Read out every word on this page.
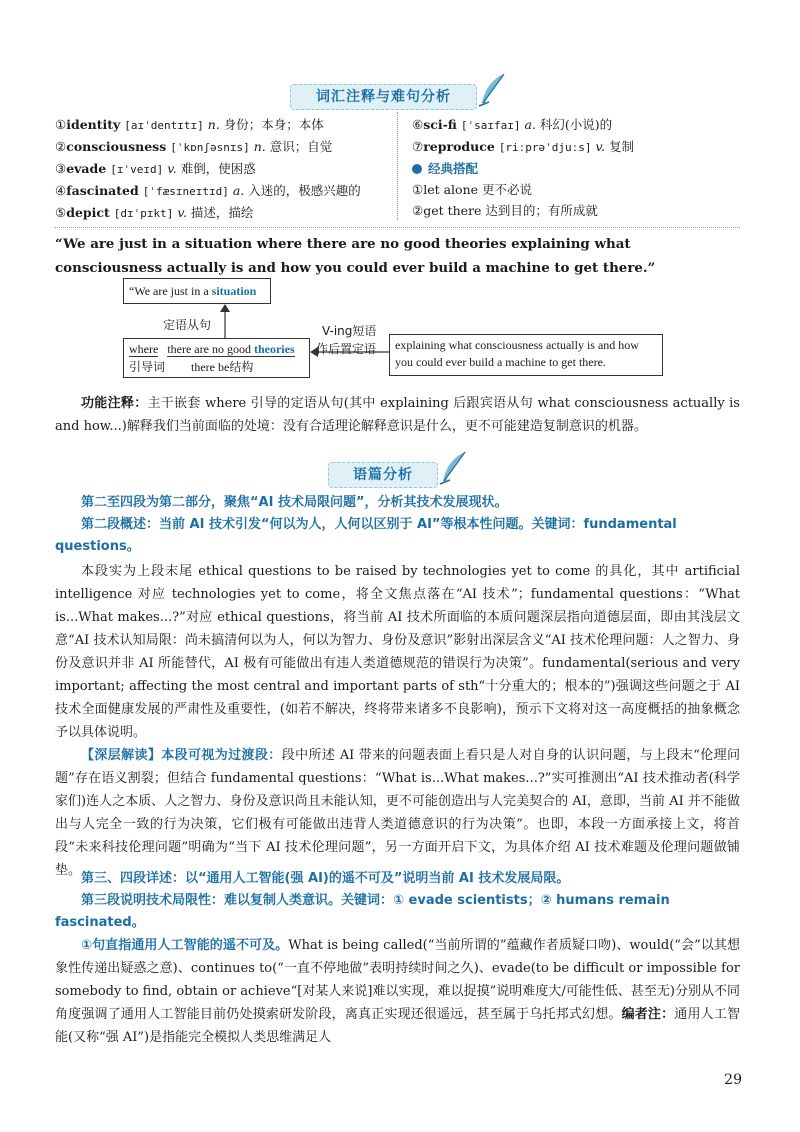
词汇注释与难句分析
①identity [aɪˈdentɪtɪ] n. 身份；本身；本体
②consciousness [ˈkɒnʃəsnɪs] n. 意识；自觉
③evade [ɪˈveɪd] v. 难倒，使困惑
④fascinated [ˈfæsɪneɪtɪd] a. 入迷的，极感兴趣的
⑤depict [dɪˈpɪkt] v. 描述，描绘
⑥sci-fi [ˈsaɪfaɪ] a. 科幻(小说)的
⑦reproduce [riːprəˈdjuːs] v. 复制
经典搭配
①let alone 更不必说
②get there 达到目的；有所成就
“We are just in a situation where there are no good theories explaining what consciousness actually is and how you could ever build a machine to get there.”
“We are just in a situation
定语从句
where there are no good theories
引导词 there be结构
V-ing短语
作后置定语	explaining what consciousness actually is and how you could ever build a machine to get there.

功能注释：主干嵌套 where 引导的定语从句(其中 explaining 后跟宾语从句 what consciousness actually is and how...)解释我们当前面临的处境：没有合适理论解释意识是什么，更不可能建造复制意识的机器。

语篇分析
第二至四段为第二部分，聚焦“AI 技术局限问题”，分析其技术发展现状。
第二段概述：当前 AI 技术引发“何以为人，人何以区别于 AI”等根本性问题。关键词：fundamental questions。

本段实为上段末尾 ethical questions to be raised by technologies yet to come 的具化，其中 artificial intelligence 对应 technologies yet to come，将全文焦点落在“AI 技术”；fundamental questions：“What is...What makes...?”对应 ethical questions，将当前 AI 技术所面临的本质问题深层指向道德层面，即由其浅层文意“AI 技术认知局限：尚未搞清何以为人，何以为智力、身份及意识”影射出深层含义“AI 技术伦理问题：人之智力、身份及意识并非 AI 所能替代，AI 极有可能做出有违人类道德规范的错误行为决策”。fundamental(serious and very important; affecting the most central and important parts of sth“十分重大的；根本的”)强调这些问题之于 AI 技术全面健康发展的严肃性及重要性，(如若不解决，终将带来诸多不良影响)，预示下文将对这一高度概括的抽象概念予以具体说明。

【深层解读】本段可视为过渡段：段中所述 AI 带来的问题表面上看只是人对自身的认识问题，与上段末“伦理问题”存在语义割裂；但结合 fundamental questions：“What is...What makes...?”实可推测出“AI 技术推动者(科学家们)连人之本质、人之智力、身份及意识尚且未能认知，更不可能创造出与人完美契合的 AI，意即，当前 AI 并不能做出与人完全一致的行为决策，它们极有可能做出违背人类道德意识的行为决策”。也即，本段一方面承接上文，将首段“未来科技伦理问题”明确为“当下 AI 技术伦理问题”，另一方面开启下文，为具体介绍 AI 技术难题及伦理问题做铺垫。

第三、四段详述：以“通用人工智能(强 AI)的遥不可及”说明当前 AI 技术发展局限。
第三段说明技术局限性：难以复制人类意识。关键词：① evade scientists；② humans remain fascinated。

①句直指通用人工智能的遥不可及。What is being called(“当前所谓的”蕴藏作者质疑口吻)、would(“会”以其想象性传递出疑惑之意)、continues to(“一直不停地做”表明持续时间之久)、evade(to be difficult or impossible for somebody to find, obtain or achieve“[对某人来说]难以实现，难以捉摸”说明难度大/可能性低、甚至无)分别从不同角度强调了通用人工智能目前仍处摸索研发阶段，离真正实现还很遥远，甚至属于乌托邦式幻想。编者注：通用人工智能(又称“强 AI”)是指能完全模拟人类思维满足人

29
